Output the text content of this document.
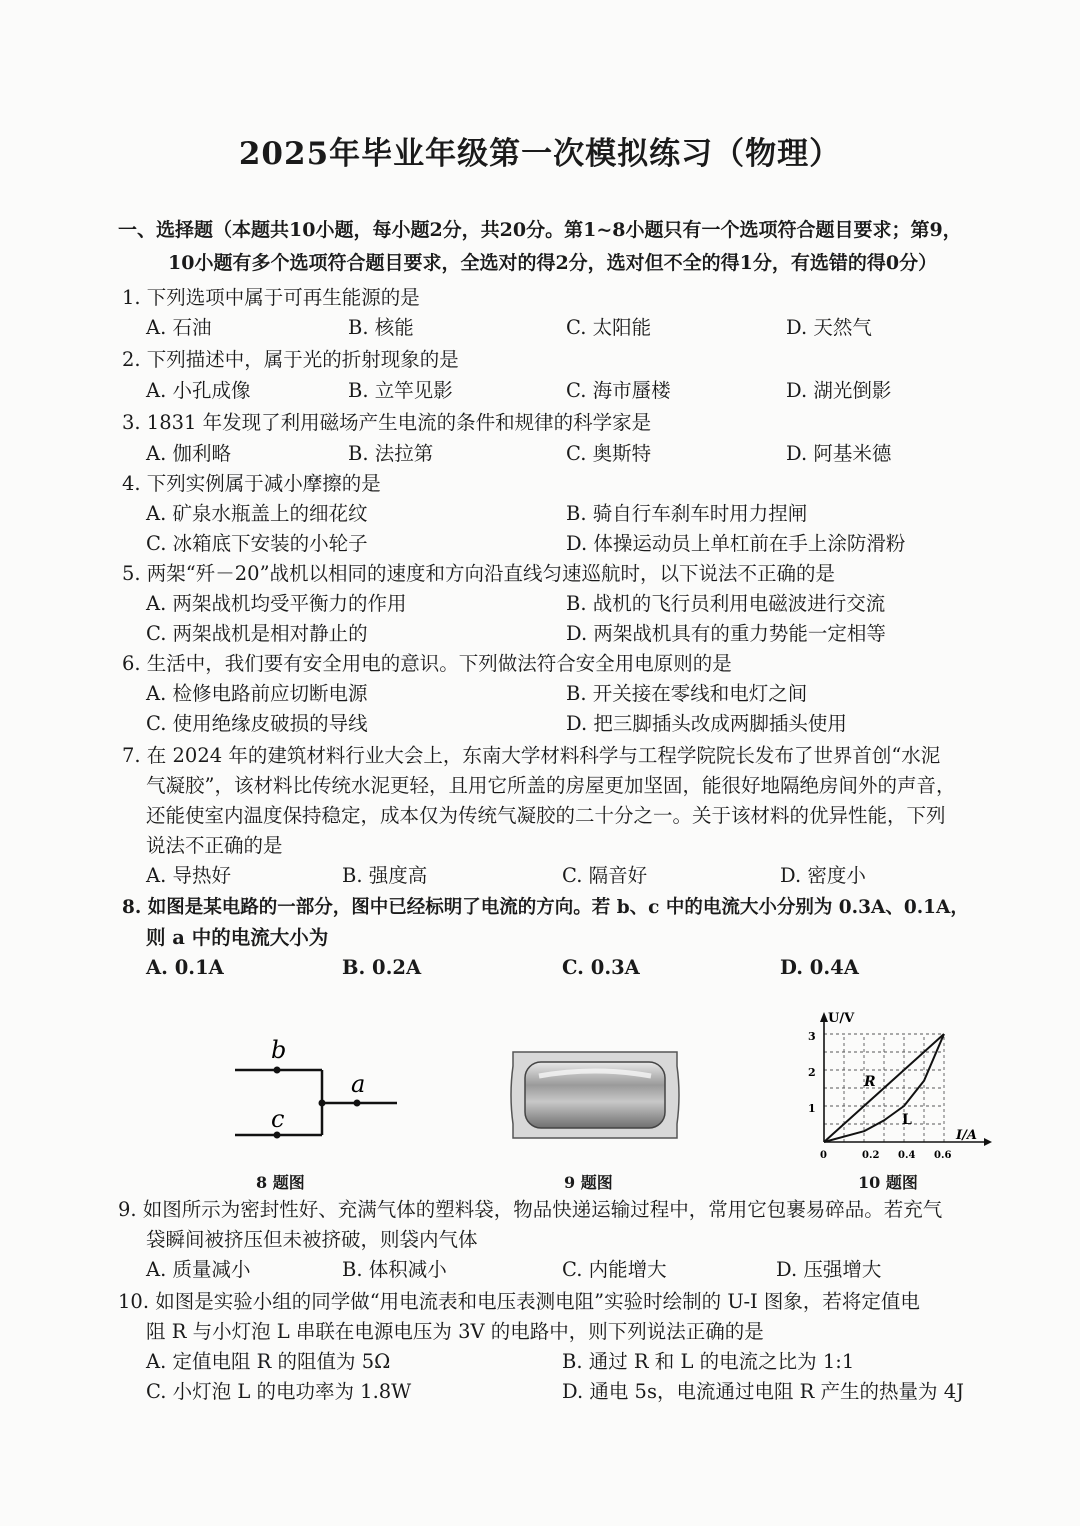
2025年毕业年级第一次模拟练习（物理）
一、选择题（本题共10小题，每小题2分，共20分。第1~8小题只有一个选项符合题目要求；第9，
10小题有多个选项符合题目要求，全选对的得2分，选对但不全的得1分，有选错的得0分）
1. 下列选项中属于可再生能源的是
A. 石油	B. 核能	C. 太阳能	D. 天然气
2. 下列描述中，属于光的折射现象的是
A. 小孔成像	B. 立竿见影	C. 海市蜃楼	D. 湖光倒影
3. 1831 年发现了利用磁场产生电流的条件和规律的科学家是
A. 伽利略	B. 法拉第	C. 奥斯特	D. 阿基米德
4. 下列实例属于减小摩擦的是
A. 矿泉水瓶盖上的细花纹	B. 骑自行车刹车时用力捏闸
C. 冰箱底下安装的小轮子	D. 体操运动员上单杠前在手上涂防滑粉
5. 两架“歼－20”战机以相同的速度和方向沿直线匀速巡航时，以下说法不正确的是
A. 两架战机均受平衡力的作用	B. 战机的飞行员利用电磁波进行交流
C. 两架战机是相对静止的	D. 两架战机具有的重力势能一定相等
6. 生活中，我们要有安全用电的意识。下列做法符合安全用电原则的是
A. 检修电路前应切断电源	B. 开关接在零线和电灯之间
C. 使用绝缘皮破损的导线	D. 把三脚插头改成两脚插头使用
7. 在 2024 年的建筑材料行业大会上，东南大学材料科学与工程学院院长发布了世界首创“水泥
气凝胶”，该材料比传统水泥更轻，且用它所盖的房屋更加坚固，能很好地隔绝房间外的声音，
还能使室内温度保持稳定，成本仅为传统气凝胶的二十分之一。关于该材料的优异性能，下列
说法不正确的是
A. 导热好	B. 强度高	C. 隔音好	D. 密度小
8. 如图是某电路的一部分，图中已经标明了电流的方向。若 b、c 中的电流大小分别为 0.3A、0.1A，
则 a 中的电流大小为
A. 0.1A	B. 0.2A	C. 0.3A	D. 0.4A
b
c
a
8 题图	9 题图
U/V
I/A
1
2
3
0	0.2 0.4 0.6
R
L
10 题图
9. 如图所示为密封性好、充满气体的塑料袋，物品快递运输过程中，常用它包裹易碎品。若充气
袋瞬间被挤压但未被挤破，则袋内气体
A. 质量减小	B. 体积减小	C. 内能增大	D. 压强增大
10. 如图是实验小组的同学做“用电流表和电压表测电阻”实验时绘制的 U-I 图象，若将定值电
阻 R 与小灯泡 L 串联在电源电压为 3V 的电路中，则下列说法正确的是
A. 定值电阻 R 的阻值为 5Ω	B. 通过 R 和 L 的电流之比为 1:1
C. 小灯泡 L 的电功率为 1.8W	D. 通电 5s，电流通过电阻 R 产生的热量为 4J
